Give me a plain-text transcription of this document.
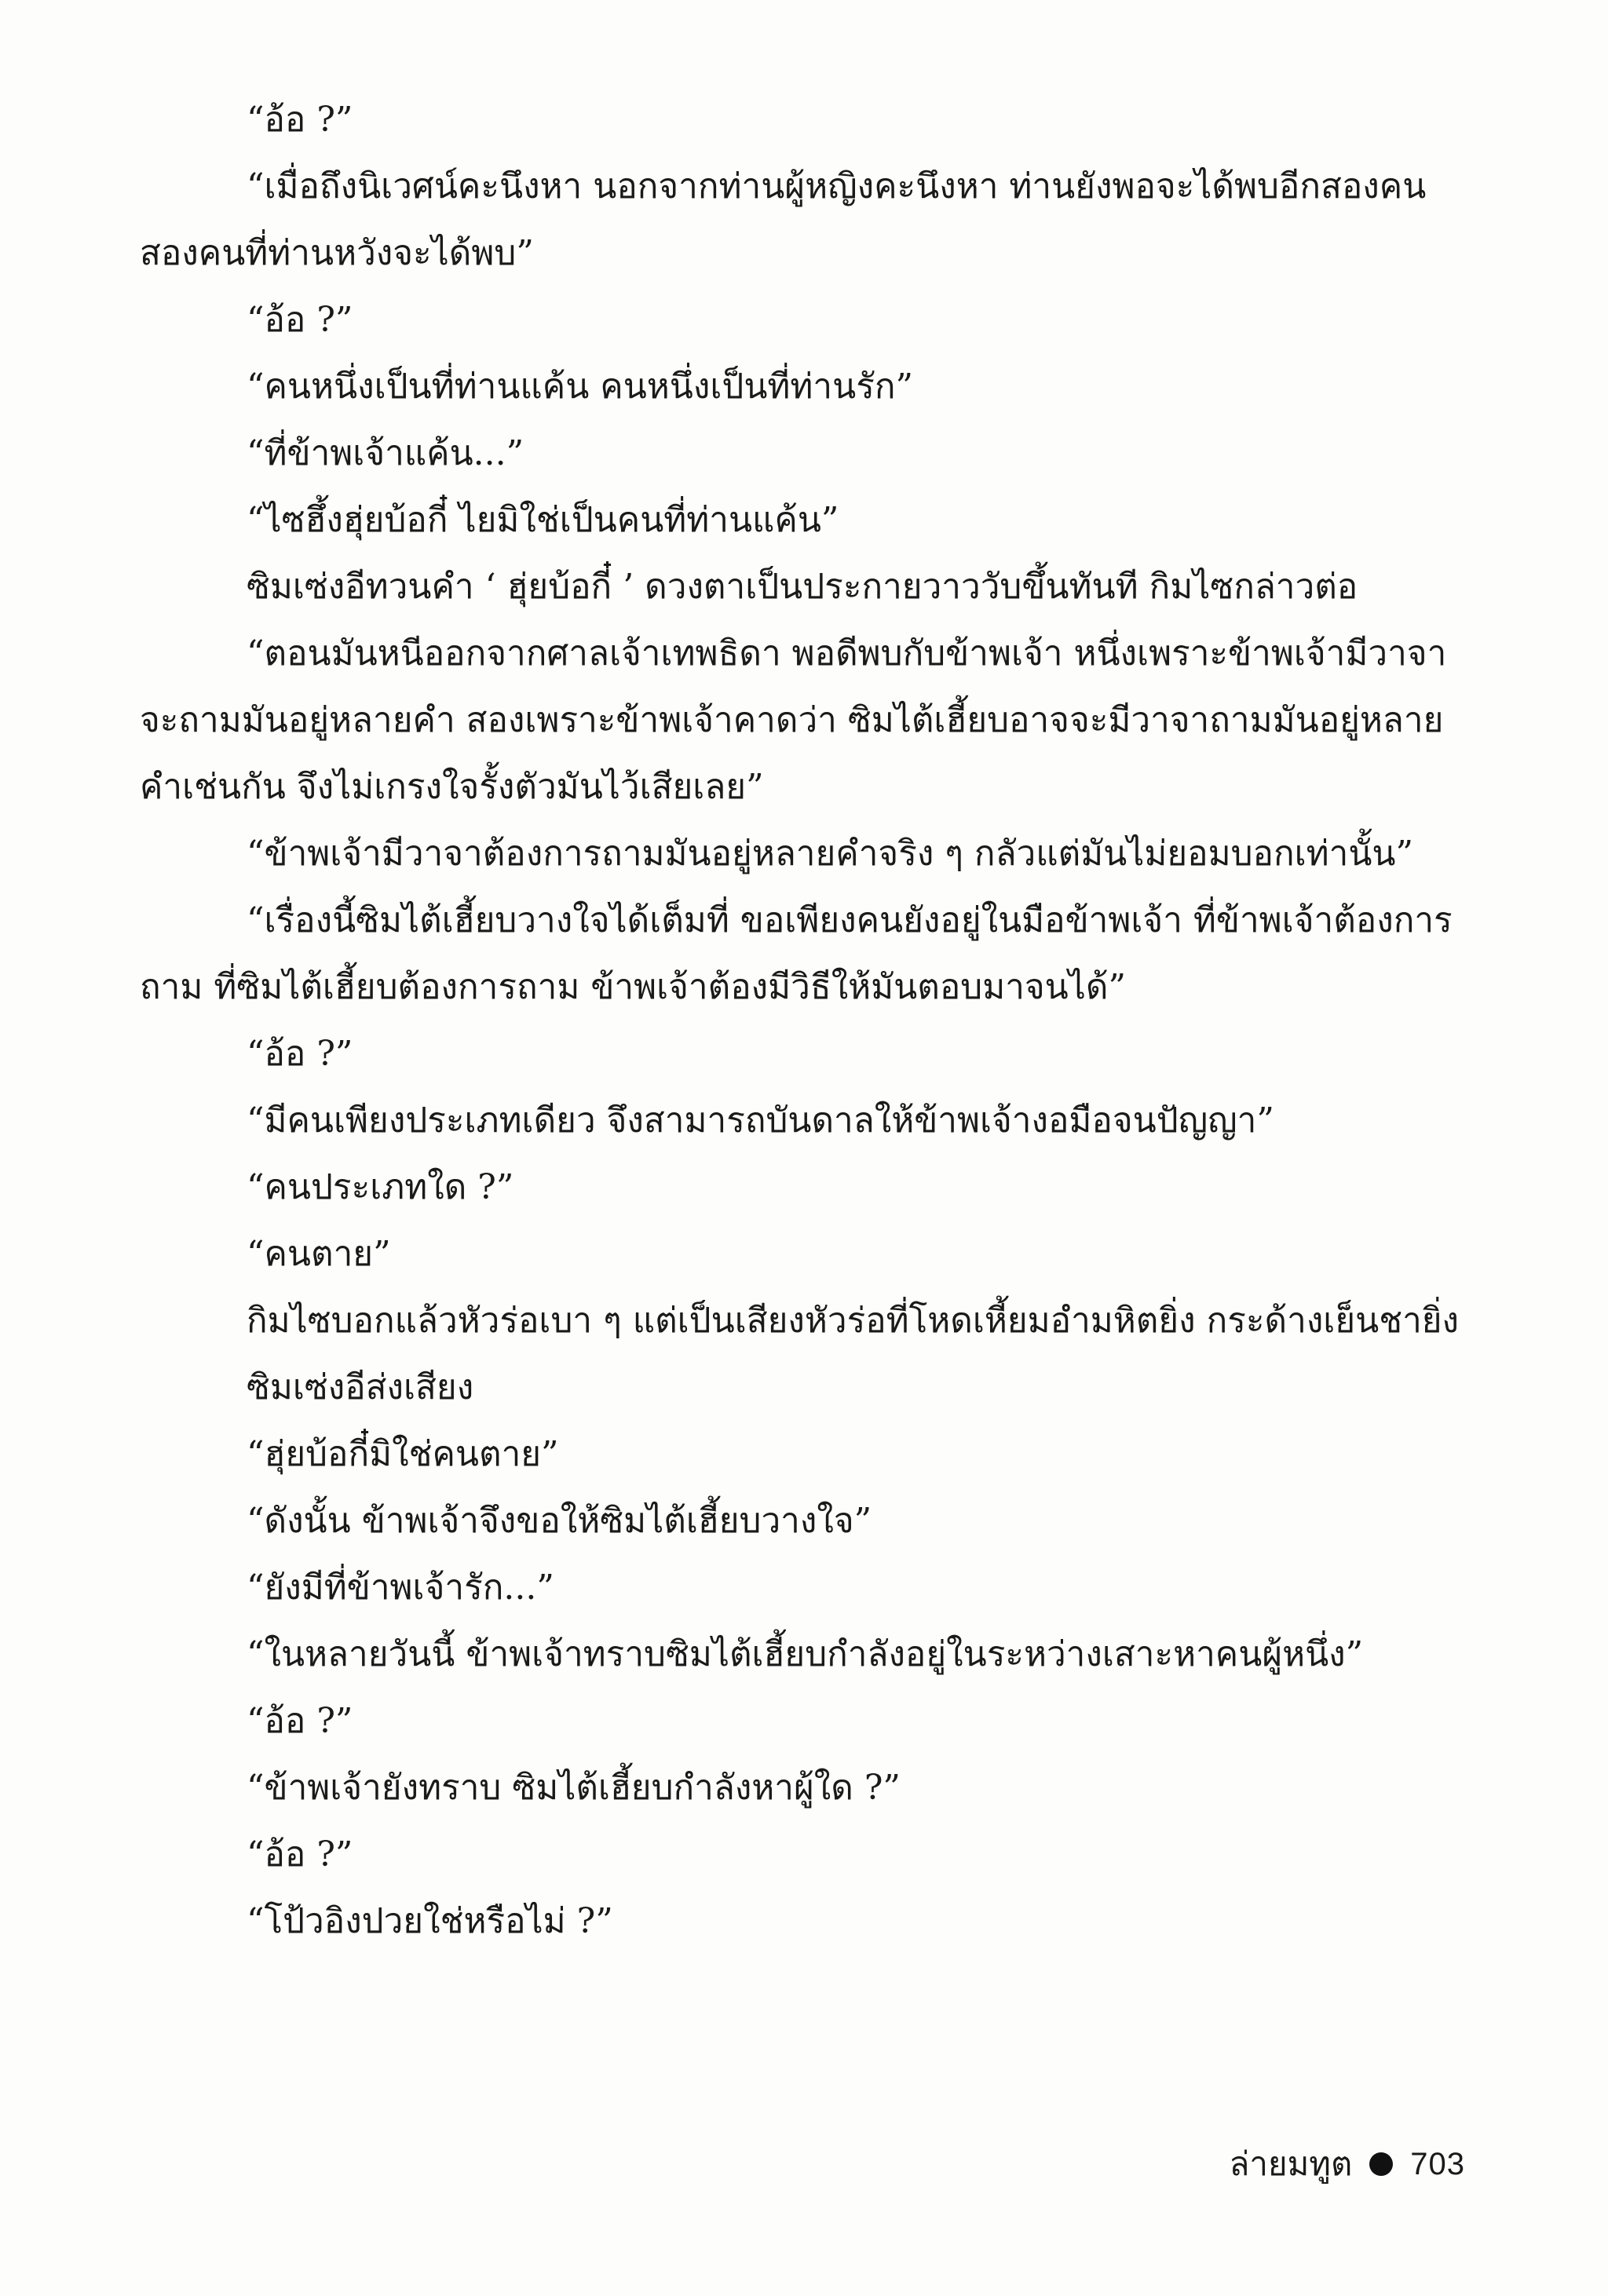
“อ้อ ?”

“เมื่อถึงนิเวศน์คะนึงหา นอกจากท่านผู้หญิงคะนึงหา ท่านยังพอจะได้พบอีกสองคน สองคนที่ท่านหวังจะได้พบ”

“อ้อ ?”

“คนหนึ่งเป็นที่ท่านแค้น คนหนึ่งเป็นที่ท่านรัก”

“ที่ข้าพเจ้าแค้น...”

“ไซฮึ้งฮุ่ยบ้อกี๋ ไยมิใช่เป็นคนที่ท่านแค้น”

ซิมเซ่งอีทวนคำ ‘ ฮุ่ยบ้อกี๋ ’ ดวงตาเป็นประกายวาววับขึ้นทันที กิมไซกล่าวต่อ

“ตอนมันหนีออกจากศาลเจ้าเทพธิดา พอดีพบกับข้าพเจ้า หนึ่งเพราะข้าพเจ้ามีวาจาจะถามมันอยู่หลายคำ สองเพราะข้าพเจ้าคาดว่า ซิมไต้เฮี้ยบอาจจะมีวาจาถามมันอยู่หลายคำเช่นกัน จึงไม่เกรงใจรั้งตัวมันไว้เสียเลย”

“ข้าพเจ้ามีวาจาต้องการถามมันอยู่หลายคำจริง ๆ กลัวแต่มันไม่ยอมบอกเท่านั้น”

“เรื่องนี้ซิมไต้เฮี้ยบวางใจได้เต็มที่ ขอเพียงคนยังอยู่ในมือข้าพเจ้า ที่ข้าพเจ้าต้องการถาม ที่ซิมไต้เฮี้ยบต้องการถาม ข้าพเจ้าต้องมีวิธีให้มันตอบมาจนได้”

“อ้อ ?”

“มีคนเพียงประเภทเดียว จึงสามารถบันดาลให้ข้าพเจ้างอมือจนปัญญา”

“คนประเภทใด ?”

“คนตาย”

กิมไซบอกแล้วหัวร่อเบา ๆ แต่เป็นเสียงหัวร่อที่โหดเหี้ยมอำมหิตยิ่ง กระด้างเย็นชายิ่ง

ซิมเซ่งอีส่งเสียง

“ฮุ่ยบ้อกี๋มิใช่คนตาย”

“ดังนั้น ข้าพเจ้าจึงขอให้ซิมไต้เฮี้ยบวางใจ”

“ยังมีที่ข้าพเจ้ารัก...”

“ในหลายวันนี้ ข้าพเจ้าทราบซิมไต้เฮี้ยบกำลังอยู่ในระหว่างเสาะหาคนผู้หนึ่ง”

“อ้อ ?”

“ข้าพเจ้ายังทราบ ซิมไต้เฮี้ยบกำลังหาผู้ใด ?”

“อ้อ ?”

“โป้วอิงปวยใช่หรือไม่ ?”

ล่ายมทูต 703
